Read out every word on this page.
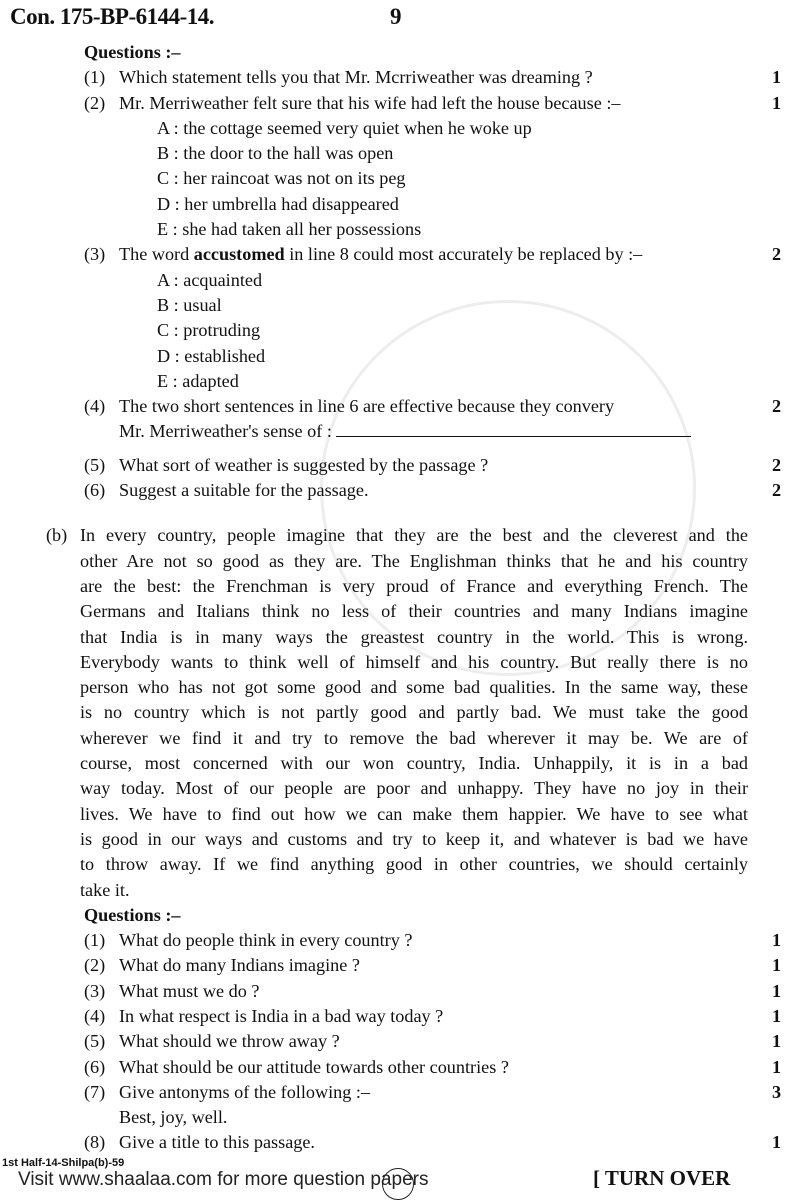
Con. 175-BP-6144-14.	9
Questions :–
(1) Which statement tells you that Mr. Mcrriweather was dreaming ?	1
(2) Mr. Merriweather felt sure that his wife had left the house because :–	1
A : the cottage seemed very quiet when he woke up
B : the door to the hall was open
C : her raincoat was not on its peg
D : her umbrella had disappeared
E : she had taken all her possessions
(3) The word accustomed in line 8 could most accurately be replaced by :–	2
A : acquainted
B : usual
C : protruding
D : established
E : adapted
(4) The two short sentences in line 6 are effective because they convery	2
Mr. Merriweather's sense of :
(5) What sort of weather is suggested by the passage ?	2
(6) Suggest a suitable for the passage.	2
(b) In every country, people imagine that they are the best and the cleverest and the
other Are not so good as they are. The Englishman thinks that he and his country
are the best: the Frenchman is very proud of France and everything French. The
Germans and Italians think no less of their countries and many Indians imagine
that India is in many ways the greastest country in the world. This is wrong.
Everybody wants to think well of himself and his country. But really there is no
person who has not got some good and some bad qualities. In the same way, these
is no country which is not partly good and partly bad. We must take the good
wherever we find it and try to remove the bad wherever it may be. We are of
course, most concerned with our won country, India. Unhappily, it is in a bad
way today. Most of our people are poor and unhappy. They have no joy in their
lives. We have to find out how we can make them happier. We have to see what
is good in our ways and customs and try to keep it, and whatever is bad we have
to throw away. If we find anything good in other countries, we should certainly
take it.
Questions :–
(1) What do people think in every country ?	1
(2) What do many Indians imagine ?	1
(3) What must we do ?	1
(4) In what respect is India in a bad way today ?	1
(5) What should we throw away ?	1
(6) What should be our attitude towards other countries ?	1
(7) Give antonyms of the following :–	3
Best, joy, well.
(8) Give a title to this passage.	1
1st Half-14-Shilpa(b)-59
Visit www.shaalaa.com for more question papers	[ TURN OVER
